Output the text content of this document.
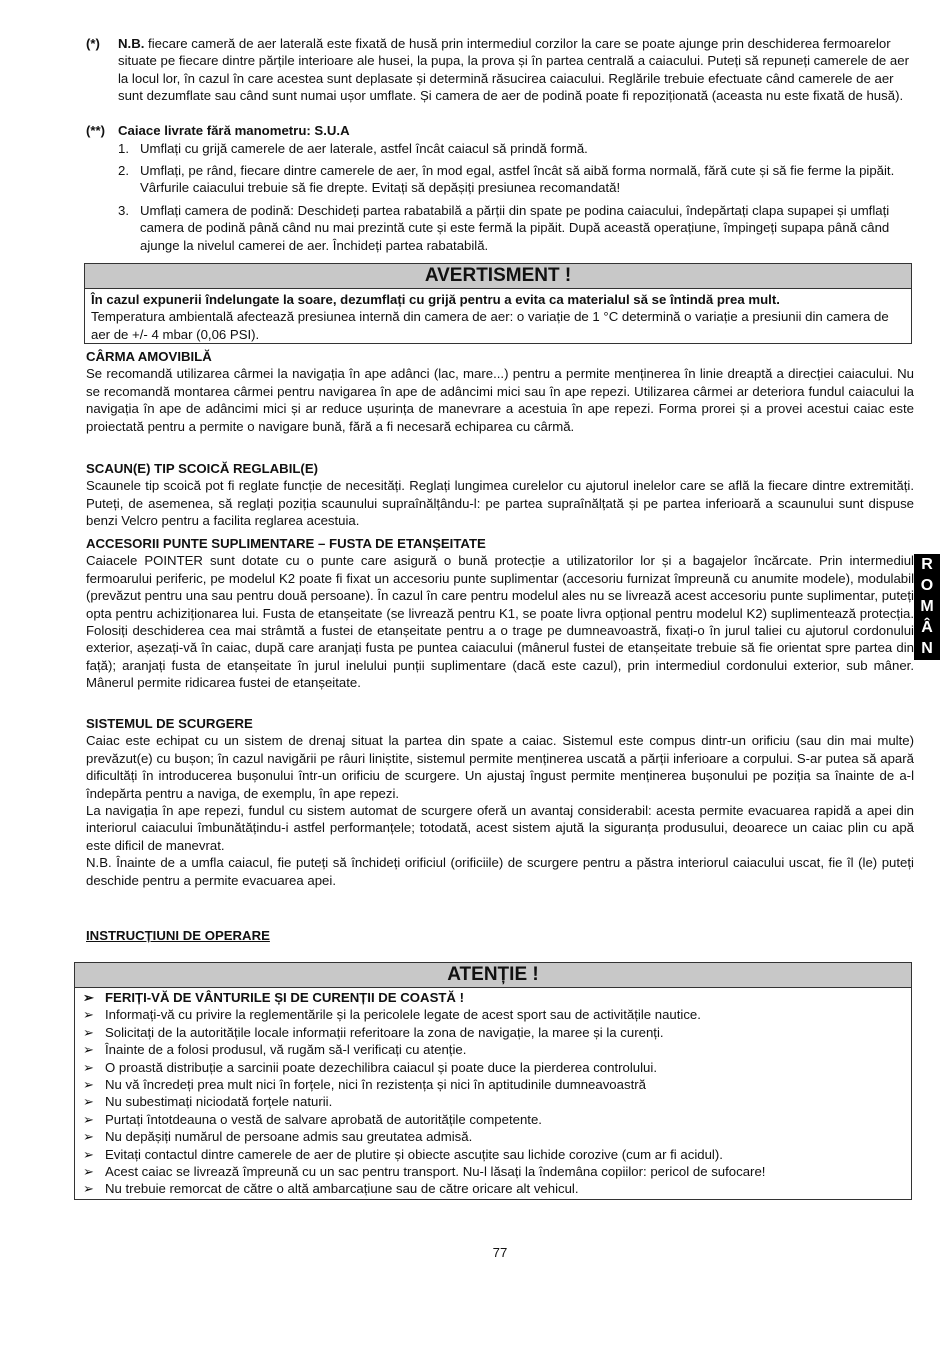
(*) N.B. fiecare cameră de aer laterală este fixată de husă prin intermediul corzilor la care se poate ajunge prin deschiderea fermoarelor situate pe fiecare dintre părțile interioare ale husei, la pupa, la prova și în partea centrală a caiacului. Puteți să repuneți camerele de aer la locul lor, în cazul în care acestea sunt deplasate și determină răsucirea caiacului. Reglările trebuie efectuate când camerele de aer sunt dezumflate sau când sunt numai ușor umflate. Și camera de aer de podină poate fi repoziționată (aceasta nu este fixată de husă).

(**) Caiace livrate fără manometru: S.U.A

1. Umflați cu grijă camerele de aer laterale, astfel încât caiacul să prindă formă.

2. Umflați, pe rând, fiecare dintre camerele de aer, în mod egal, astfel încât să aibă forma normală, fără cute și să fie ferme la pipăit. Vârfurile caiacului trebuie să fie drepte. Evitați să depășiți presiunea recomandată!

3. Umflați camera de podină: Deschideți partea rabatabilă a părții din spate pe podina caiacului, îndepărtați clapa supapei și umflați camera de podină până când nu mai prezintă cute și este fermă la pipăit. După această operațiune, împingeți supapa până când ajunge la nivelul camerei de aer. Închideți partea rabatabilă.

AVERTISMENT !

În cazul expunerii îndelungate la soare, dezumflați cu grijă pentru a evita ca materialul să se întindă prea mult.

Temperatura ambientală afectează presiunea internă din camera de aer: o variație de 1 °C determină o variație a presiunii din camera de aer de +/- 4 mbar (0,06 PSI).

CÂRMA AMOVIBILĂ

Se recomandă utilizarea cârmei la navigația în ape adânci (lac, mare...) pentru a permite menținerea în linie dreaptă a direcției caiacului. Nu se recomandă montarea cârmei pentru navigarea în ape de adâncimi mici sau în ape repezi. Utilizarea cârmei ar deteriora fundul caiacului la navigația în ape de adâncimi mici și ar reduce ușurința de manevrare a acestuia în ape repezi. Forma prorei și a provei acestui caiac este proiectată pentru a permite o navigare bună, fără a fi necesară echiparea cu cârmă.

SCAUN(E) TIP SCOICĂ REGLABIL(E)

Scaunele tip scoică pot fi reglate funcție de necesități. Reglați lungimea curelelor cu ajutorul inelelor care se află la fiecare dintre extremități. Puteți, de asemenea, să reglați poziția scaunului supraînălțându-l: pe partea supraînălțată și pe partea inferioară a scaunului sunt dispuse benzi Velcro pentru a facilita reglarea acestuia.

ACCESORII PUNTE SUPLIMENTARE – FUSTA DE ETANȘEITATE

Caiacele POINTER sunt dotate cu o punte care asigură o bună protecție a utilizatorilor lor și a bagajelor încărcate. Prin intermediul fermoarului periferic, pe modelul K2 poate fi fixat un accesoriu punte suplimentar (accesoriu furnizat împreună cu anumite modele), modulabil (prevăzut pentru una sau pentru două persoane). În cazul în care pentru modelul ales nu se livrează acest accesoriu punte suplimentar, puteți opta pentru achiziționarea lui. Fusta de etanșeitate (se livrează pentru K1, se poate livra opțional pentru modelul K2) suplimentează protecția. Folosiți deschiderea cea mai strâmtă a fustei de etanșeitate pentru a o trage pe dumneavoastră, fixați-o în jurul taliei cu ajutorul cordonului exterior, așezați-vă în caiac, după care aranjați fusta pe puntea caiacului (mânerul fustei de etanșeitate trebuie să fie orientat spre partea din față); aranjați fusta de etanșeitate în jurul inelului punții suplimentare (dacă este cazul), prin intermediul cordonului exterior, sub mâner. Mânerul permite ridicarea fustei de etanșeitate.

SISTEMUL DE SCURGERE

Caiac este echipat cu un sistem de drenaj situat la partea din spate a caiac. Sistemul este compus dintr-un orificiu (sau din mai multe) prevăzut(e) cu bușon; în cazul navigării pe râuri liniștite, sistemul permite menținerea uscată a părții inferioare a corpului. S-ar putea să apară dificultăți în introducerea bușonului într-un orificiu de scurgere. Un ajustaj îngust permite menținerea bușonului pe poziția sa înainte de a-l îndepărta pentru a naviga, de exemplu, în ape repezi.

La navigația în ape repezi, fundul cu sistem automat de scurgere oferă un avantaj considerabil: acesta permite evacuarea rapidă a apei din interiorul caiacului îmbunătățindu-i astfel performanțele; totodată, acest sistem ajută la siguranța produsului, deoarece un caiac plin cu apă este dificil de manevrat.

N.B. Înainte de a umfla caiacul, fie puteți să închideți orificiul (orificiile) de scurgere pentru a păstra interiorul caiacului uscat, fie îl (le) puteți deschide pentru a permite evacuarea apei.

INSTRUCȚIUNI DE OPERARE
ATENȚIE !
➢ FERIȚI-VĂ DE VÂNTURILE ȘI DE CURENȚII DE COASTĂ !
➢ Informați-vă cu privire la reglementările și la pericolele legate de acest sport sau de activitățile nautice.
➢ Solicitați de la autoritățile locale informații referitoare la zona de navigație, la maree și la curenți.
➢ Înainte de a folosi produsul, vă rugăm să-l verificați cu atenție.
➢ O proastă distribuție a sarcinii poate dezechilibra caiacul și poate duce la pierderea controlului.
➢ Nu vă încredeți prea mult nici în forțele, nici în rezistența și nici în aptitudinile dumneavoastră
➢ Nu subestimați niciodată forțele naturii.
➢ Purtați întotdeauna o vestă de salvare aprobată de autoritățile competente.
➢ Nu depășiți numărul de persoane admis sau greutatea admisă.
➢ Evitați contactul dintre camerele de aer de plutire și obiecte ascuțite sau lichide corozive (cum ar fi acidul).
➢ Acest caiac se livrează împreună cu un sac pentru transport. Nu-l lăsați la îndemâna copiilor: pericol de sufocare!
➢ Nu trebuie remorcat de către o altă ambarcațiune sau de către oricare alt vehicul.
R
O
M
Â
N
77
